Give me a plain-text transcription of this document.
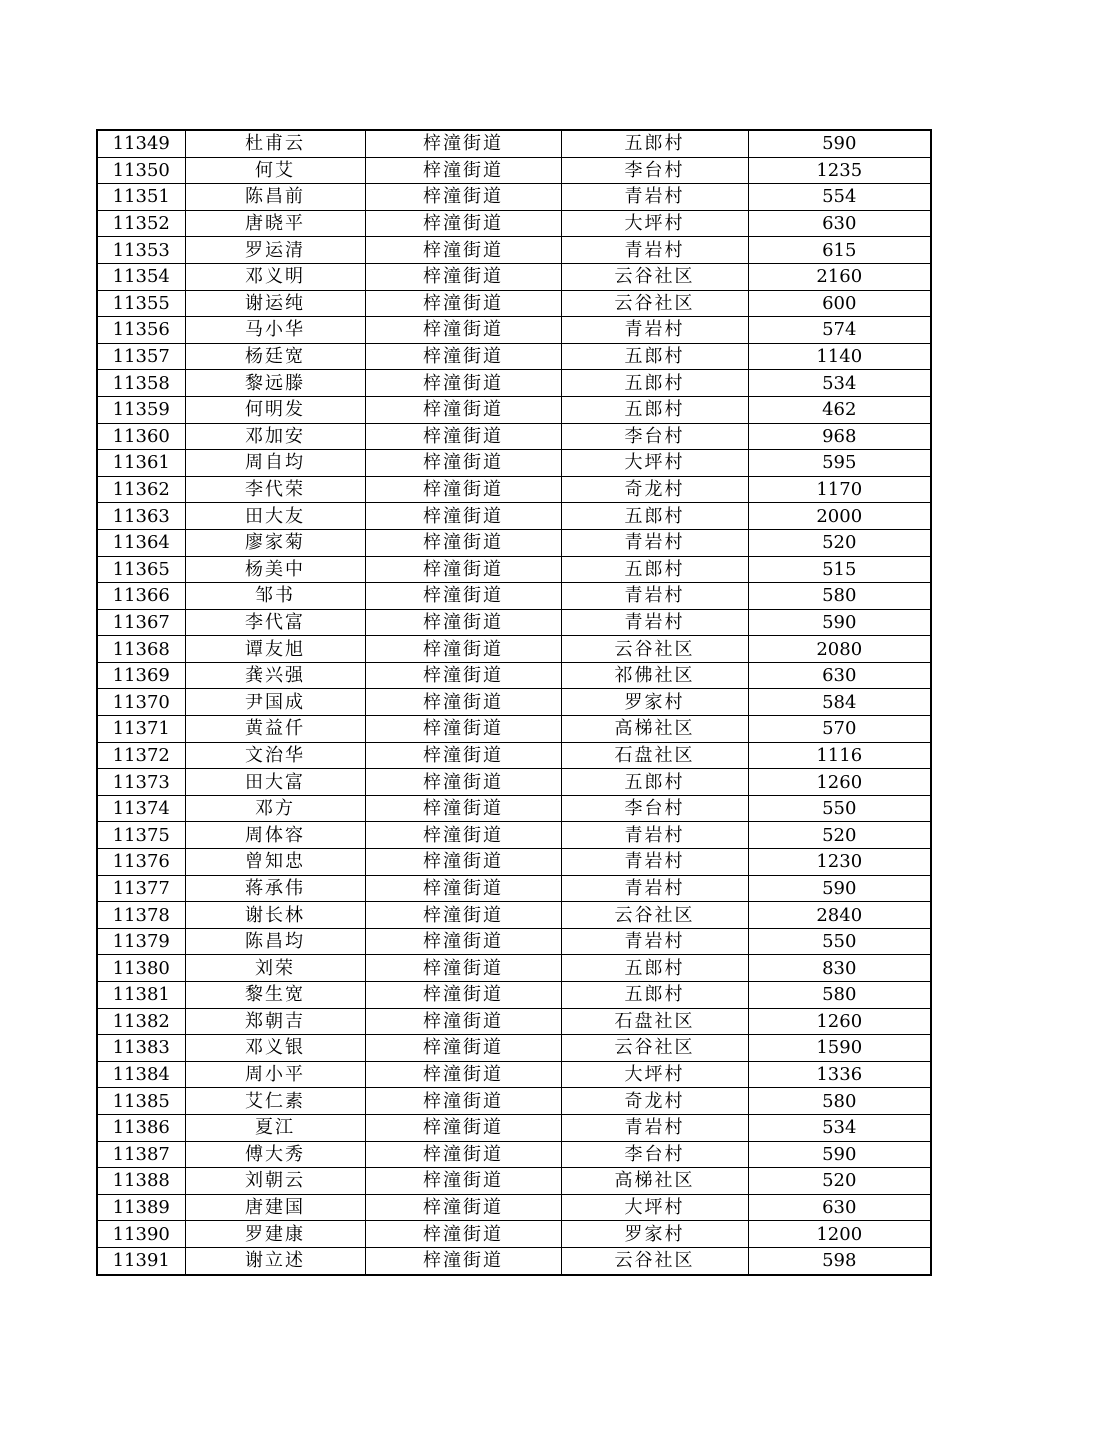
11349	杜甫云	梓潼街道	五郎村	590
11350	何艾	梓潼街道	李台村	1235
11351	陈昌前	梓潼街道	青岩村	554
11352	唐晓平	梓潼街道	大坪村	630
11353	罗运清	梓潼街道	青岩村	615
11354	邓义明	梓潼街道	云谷社区	2160
11355	谢运纯	梓潼街道	云谷社区	600
11356	马小华	梓潼街道	青岩村	574
11357	杨廷宽	梓潼街道	五郎村	1140
11358	黎远滕	梓潼街道	五郎村	534
11359	何明发	梓潼街道	五郎村	462
11360	邓加安	梓潼街道	李台村	968
11361	周自均	梓潼街道	大坪村	595
11362	李代荣	梓潼街道	奇龙村	1170
11363	田大友	梓潼街道	五郎村	2000
11364	廖家菊	梓潼街道	青岩村	520
11365	杨美中	梓潼街道	五郎村	515
11366	邹书	梓潼街道	青岩村	580
11367	李代富	梓潼街道	青岩村	590
11368	谭友旭	梓潼街道	云谷社区	2080
11369	龚兴强	梓潼街道	祁佛社区	630
11370	尹国成	梓潼街道	罗家村	584
11371	黄益仟	梓潼街道	高梯社区	570
11372	文治华	梓潼街道	石盘社区	1116
11373	田大富	梓潼街道	五郎村	1260
11374	邓方	梓潼街道	李台村	550
11375	周体容	梓潼街道	青岩村	520
11376	曾知忠	梓潼街道	青岩村	1230
11377	蒋承伟	梓潼街道	青岩村	590
11378	谢长林	梓潼街道	云谷社区	2840
11379	陈昌均	梓潼街道	青岩村	550
11380	刘荣	梓潼街道	五郎村	830
11381	黎生宽	梓潼街道	五郎村	580
11382	郑朝吉	梓潼街道	石盘社区	1260
11383	邓义银	梓潼街道	云谷社区	1590
11384	周小平	梓潼街道	大坪村	1336
11385	艾仁素	梓潼街道	奇龙村	580
11386	夏江	梓潼街道	青岩村	534
11387	傅大秀	梓潼街道	李台村	590
11388	刘朝云	梓潼街道	高梯社区	520
11389	唐建国	梓潼街道	大坪村	630
11390	罗建康	梓潼街道	罗家村	1200
11391	谢立述	梓潼街道	云谷社区	598
